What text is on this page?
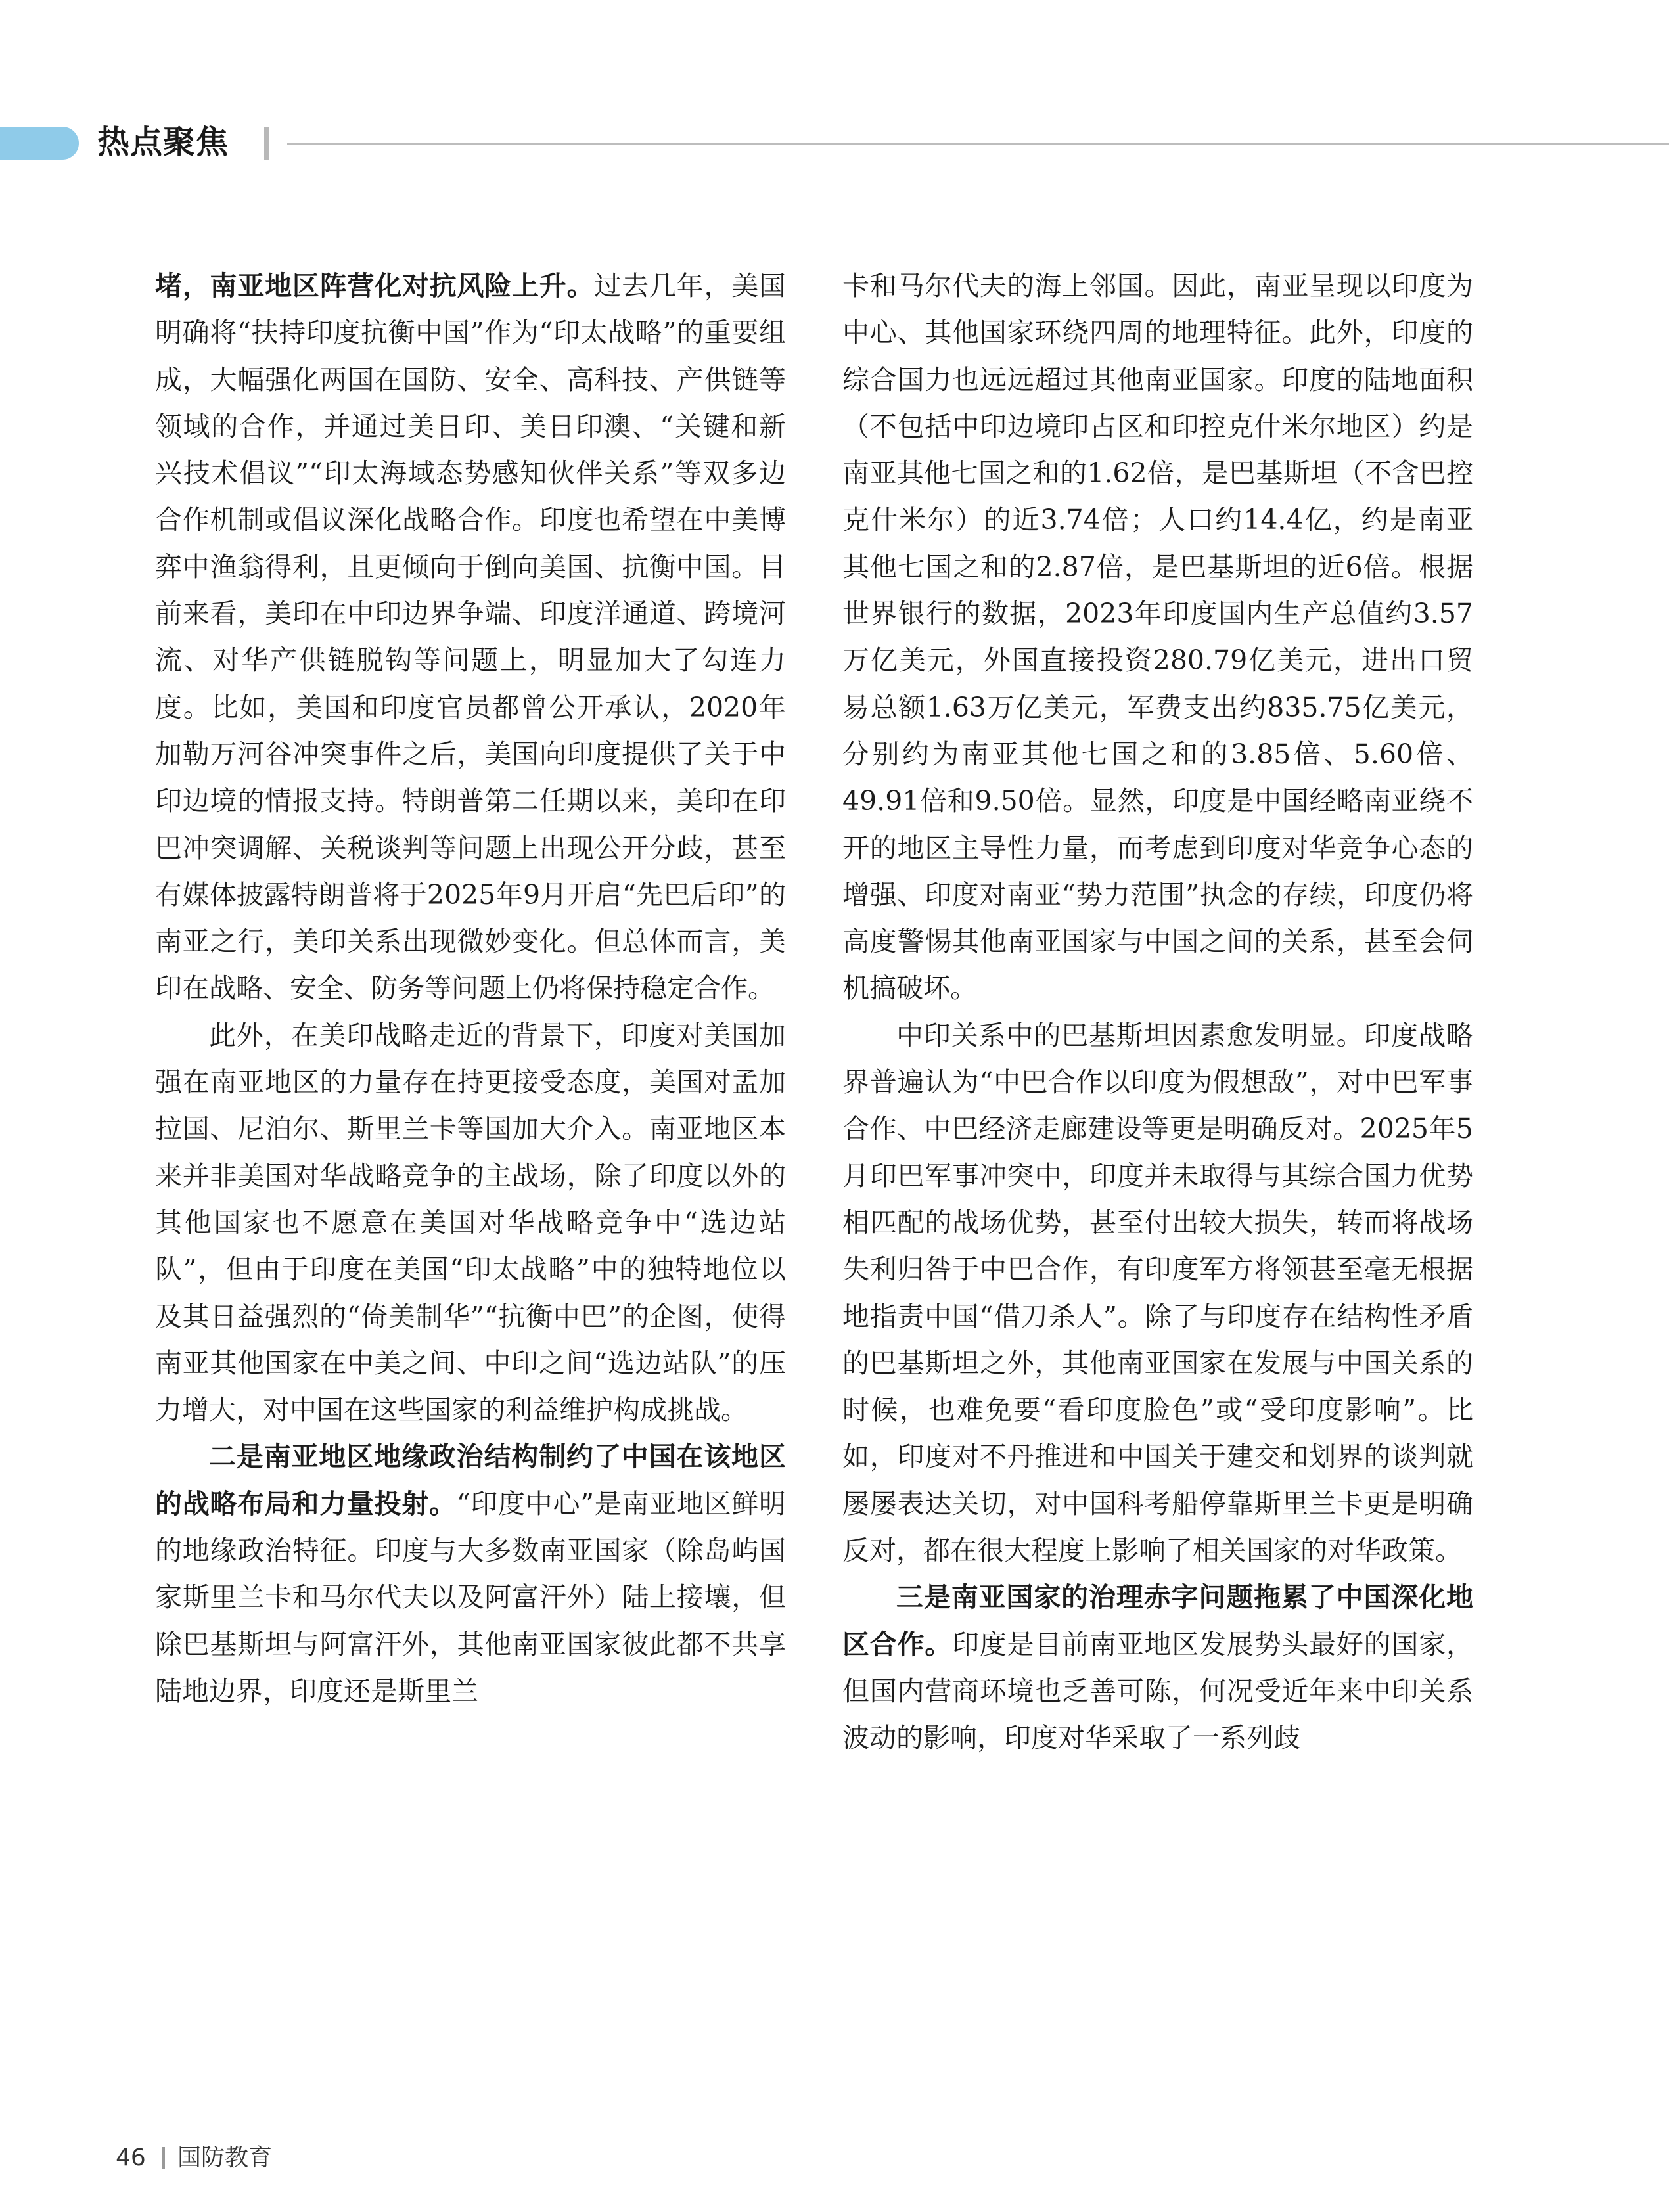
热点聚焦

堵，南亚地区阵营化对抗风险上升。过去几年，美国明确将“扶持印度抗衡中国”作为“印太战略”的重要组成，大幅强化两国在国防、安全、高科技、产供链等领域的合作，并通过美日印、美日印澳、“关键和新兴技术倡议”“印太海域态势感知伙伴关系”等双多边合作机制或倡议深化战略合作。印度也希望在中美博弈中渔翁得利，且更倾向于倒向美国、抗衡中国。目前来看，美印在中印边界争端、印度洋通道、跨境河流、对华产供链脱钩等问题上，明显加大了勾连力度。比如，美国和印度官员都曾公开承认，2020年加勒万河谷冲突事件之后，美国向印度提供了关于中印边境的情报支持。特朗普第二任期以来，美印在印巴冲突调解、关税谈判等问题上出现公开分歧，甚至有媒体披露特朗普将于2025年9月开启“先巴后印”的南亚之行，美印关系出现微妙变化。但总体而言，美印在战略、安全、防务等问题上仍将保持稳定合作。

此外，在美印战略走近的背景下，印度对美国加强在南亚地区的力量存在持更接受态度，美国对孟加拉国、尼泊尔、斯里兰卡等国加大介入。南亚地区本来并非美国对华战略竞争的主战场，除了印度以外的其他国家也不愿意在美国对华战略竞争中“选边站队”，但由于印度在美国“印太战略”中的独特地位以及其日益强烈的“倚美制华”“抗衡中巴”的企图，使得南亚其他国家在中美之间、中印之间“选边站队”的压力增大，对中国在这些国家的利益维护构成挑战。

二是南亚地区地缘政治结构制约了中国在该地区的战略布局和力量投射。“印度中心”是南亚地区鲜明的地缘政治特征。印度与大多数南亚国家（除岛屿国家斯里兰卡和马尔代夫以及阿富汗外）陆上接壤，但除巴基斯坦与阿富汗外，其他南亚国家彼此都不共享陆地边界，印度还是斯里兰

卡和马尔代夫的海上邻国。因此，南亚呈现以印度为中心、其他国家环绕四周的地理特征。此外，印度的综合国力也远远超过其他南亚国家。印度的陆地面积（不包括中印边境印占区和印控克什米尔地区）约是南亚其他七国之和的1.62倍，是巴基斯坦（不含巴控克什米尔）的近3.74倍；人口约14.4亿，约是南亚其他七国之和的2.87倍，是巴基斯坦的近6倍。根据世界银行的数据，2023年印度国内生产总值约3.57万亿美元，外国直接投资280.79亿美元，进出口贸易总额1.63万亿美元，军费支出约835.75亿美元，分别约为南亚其他七国之和的3.85倍、5.60倍、49.91倍和9.50倍。显然，印度是中国经略南亚绕不开的地区主导性力量，而考虑到印度对华竞争心态的增强、印度对南亚“势力范围”执念的存续，印度仍将高度警惕其他南亚国家与中国之间的关系，甚至会伺机搞破坏。

中印关系中的巴基斯坦因素愈发明显。印度战略界普遍认为“中巴合作以印度为假想敌”，对中巴军事合作、中巴经济走廊建设等更是明确反对。2025年5月印巴军事冲突中，印度并未取得与其综合国力优势相匹配的战场优势，甚至付出较大损失，转而将战场失利归咎于中巴合作，有印度军方将领甚至毫无根据地指责中国“借刀杀人”。除了与印度存在结构性矛盾的巴基斯坦之外，其他南亚国家在发展与中国关系的时候，也难免要“看印度脸色”或“受印度影响”。比如，印度对不丹推进和中国关于建交和划界的谈判就屡屡表达关切，对中国科考船停靠斯里兰卡更是明确反对，都在很大程度上影响了相关国家的对华政策。

三是南亚国家的治理赤字问题拖累了中国深化地区合作。印度是目前南亚地区发展势头最好的国家，但国内营商环境也乏善可陈，何况受近年来中印关系波动的影响，印度对华采取了一系列歧

46 国防教育
